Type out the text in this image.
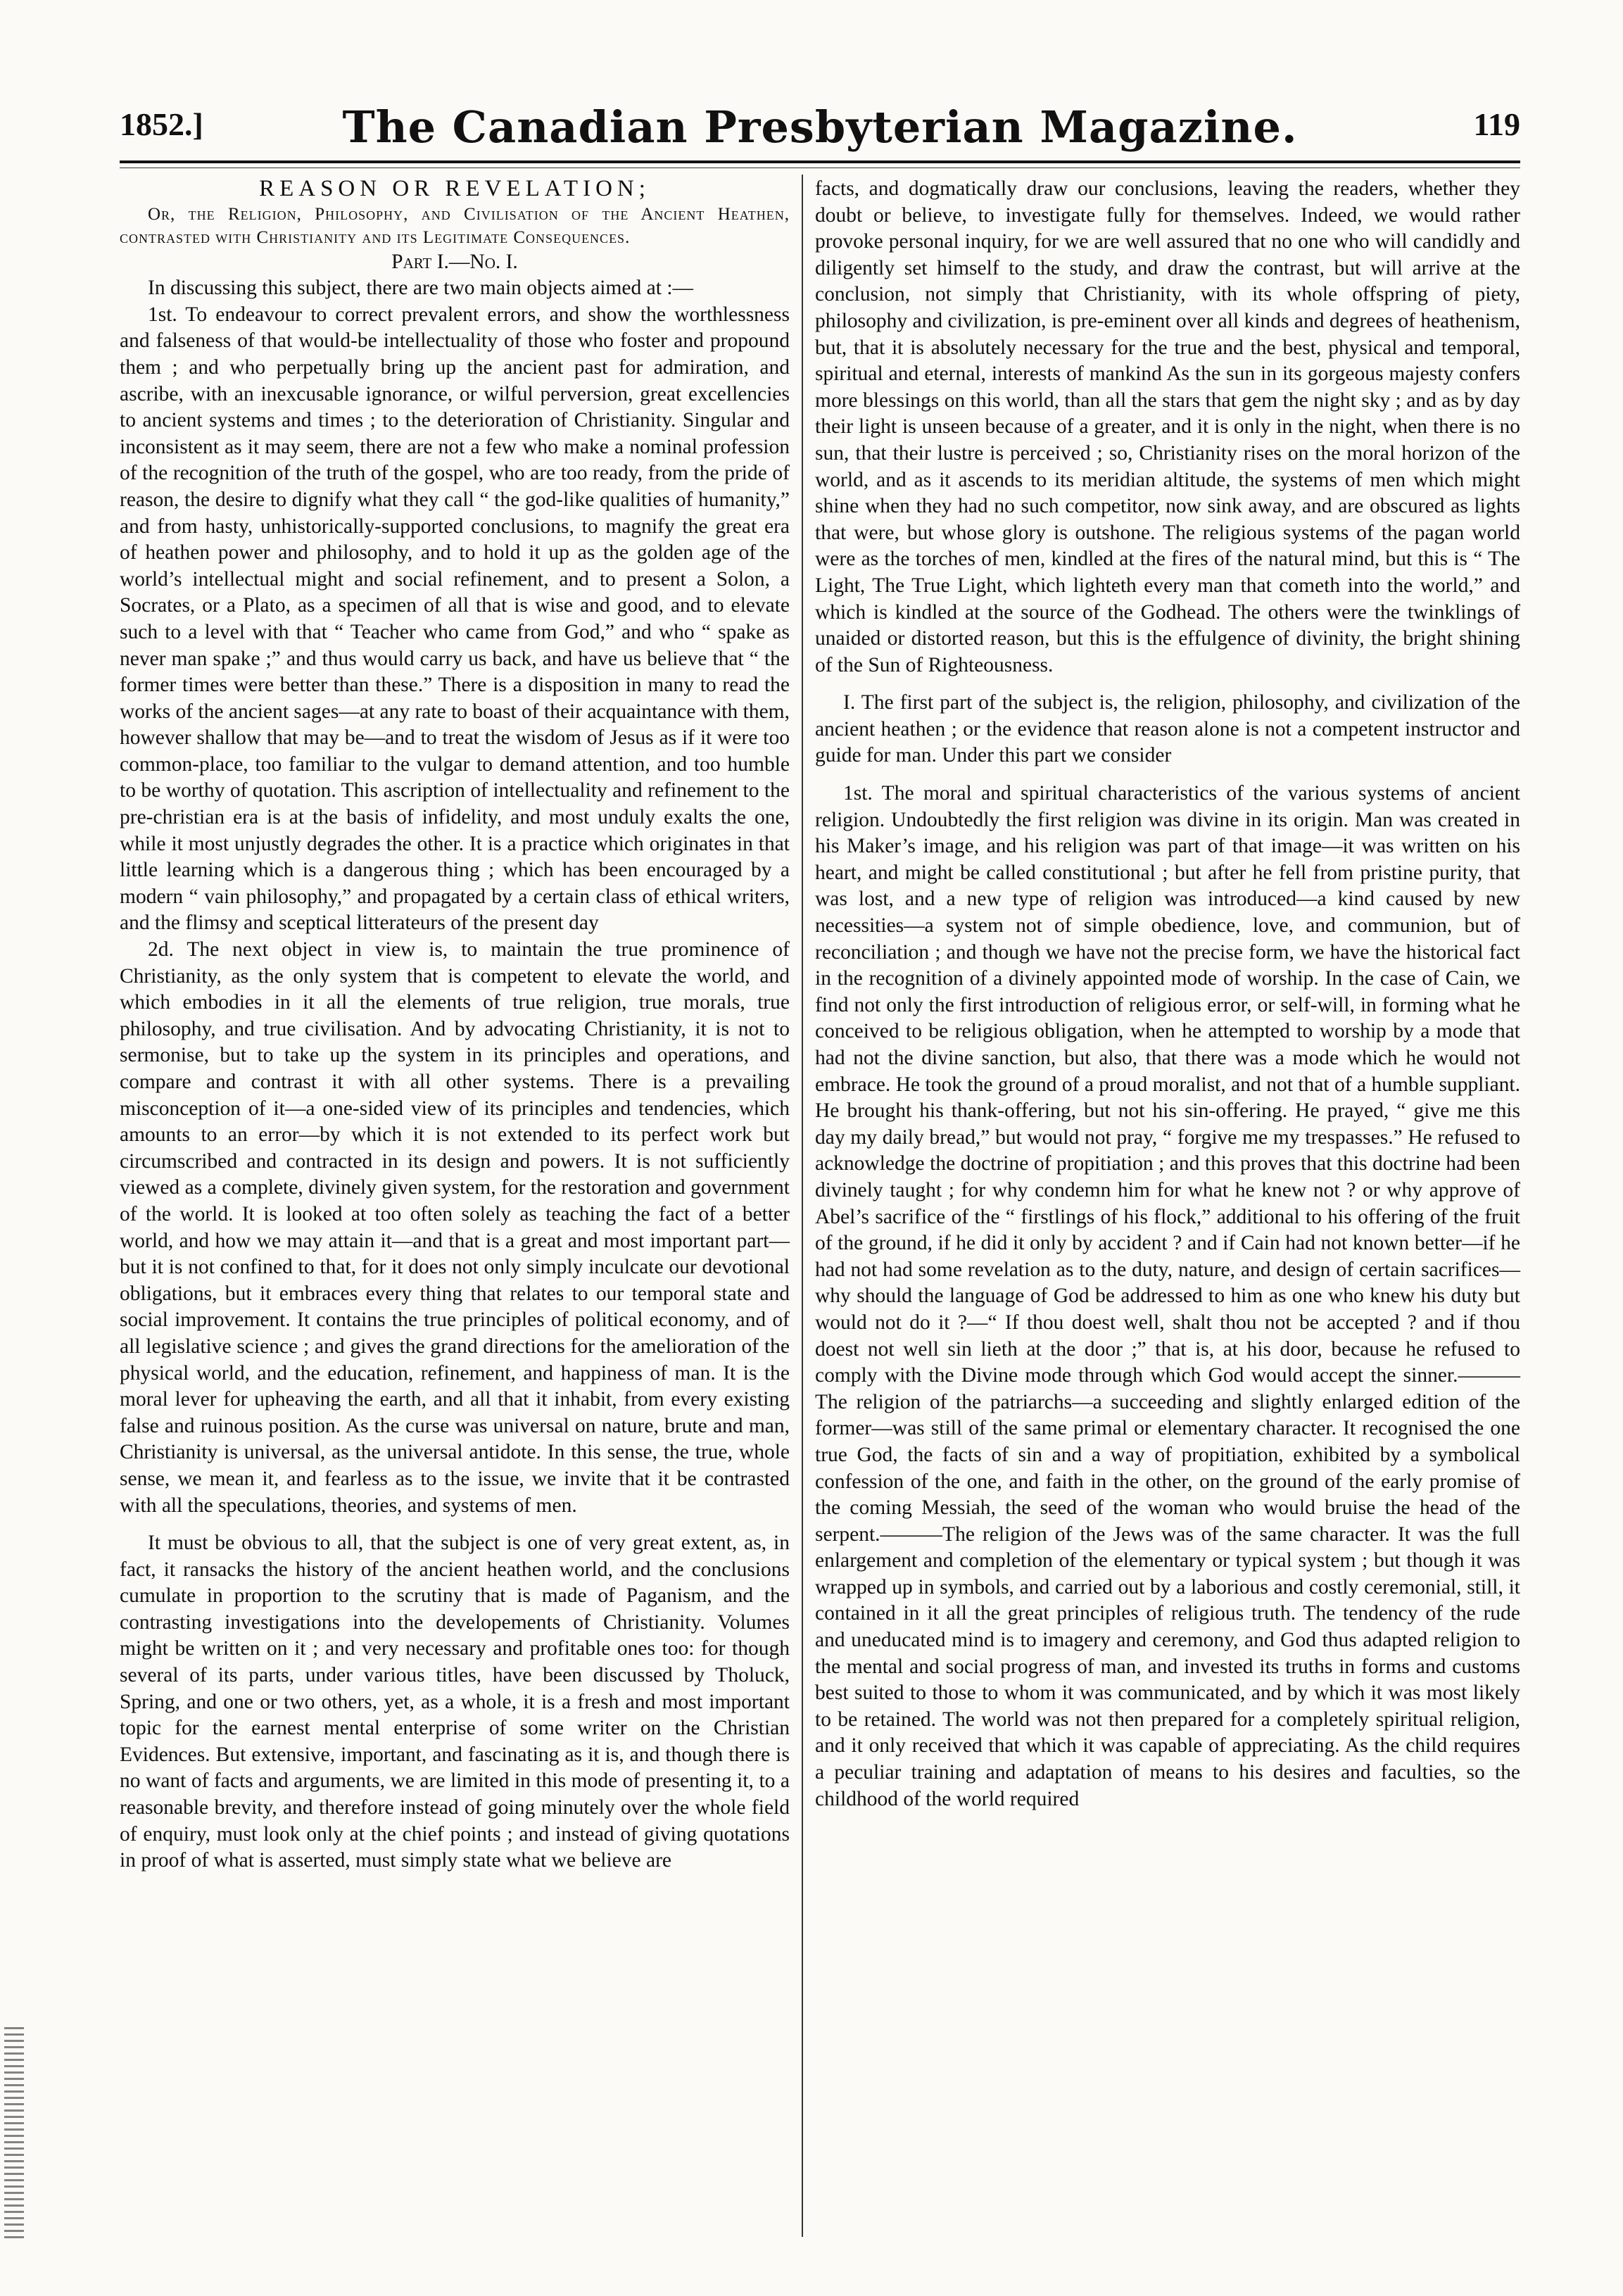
1852.]	The Canadian Presbyterian Magazine.	119

REASON OR REVELATION;

Or, the Religion, Philosophy, and Civilisation of the Ancient Heathen, contrasted with Christianity and its Legitimate Consequences.

Part I.—No. I.

In discussing this subject, there are two main objects aimed at :—

1st. To endeavour to correct prevalent errors, and show the worthlessness and falseness of that would-be intellectuality of those who foster and propound them ; and who perpetually bring up the ancient past for admiration, and ascribe, with an inexcusable ignorance, or wilful perversion, great excellencies to ancient systems and times ; to the deterioration of Christianity. Singular and inconsistent as it may seem, there are not a few who make a nominal profession of the recognition of the truth of the gospel, who are too ready, from the pride of reason, the desire to dignify what they call “ the god-like qualities of humanity,” and from hasty, unhistorically-supported conclusions, to magnify the great era of heathen power and philosophy, and to hold it up as the golden age of the world’s intellectual might and social refinement, and to present a Solon, a Socrates, or a Plato, as a specimen of all that is wise and good, and to elevate such to a level with that “ Teacher who came from God,” and who “ spake as never man spake ;” and thus would carry us back, and have us believe that “ the former times were better than these.” There is a disposition in many to read the works of the ancient sages—at any rate to boast of their acquaintance with them, however shallow that may be—and to treat the wisdom of Jesus as if it were too common-place, too familiar to the vulgar to demand attention, and too humble to be worthy of quotation. This ascription of intellectuality and refinement to the pre-christian era is at the basis of infidelity, and most unduly exalts the one, while it most unjustly degrades the other. It is a practice which originates in that little learning which is a dangerous thing ; which has been encouraged by a modern “ vain philosophy,” and propagated by a certain class of ethical writers, and the flimsy and sceptical litterateurs of the present day

2d. The next object in view is, to maintain the true prominence of Christianity, as the only system that is competent to elevate the world, and which embodies in it all the elements of true religion, true morals, true philosophy, and true civilisation. And by advocating Christianity, it is not to sermonise, but to take up the system in its principles and operations, and compare and contrast it with all other systems. There is a prevailing misconception of it—a one-sided view of its principles and tendencies, which amounts to an error—by which it is not extended to its perfect work but circumscribed and contracted in its design and powers. It is not sufficiently viewed as a complete, divinely given system, for the restoration and government of the world. It is looked at too often solely as teaching the fact of a better world, and how we may attain it—and that is a great and most important part—but it is not confined to that, for it does not only simply inculcate our devotional obligations, but it embraces every thing that relates to our temporal state and social improvement. It contains the true principles of political economy, and of all legislative science ; and gives the grand directions for the amelioration of the physical world, and the education, refinement, and happiness of man. It is the moral lever for upheaving the earth, and all that it inhabit, from every existing false and ruinous position. As the curse was universal on nature, brute and man, Christianity is universal, as the universal antidote. In this sense, the true, whole sense, we mean it, and fearless as to the issue, we invite that it be contrasted with all the speculations, theories, and systems of men.

It must be obvious to all, that the subject is one of very great extent, as, in fact, it ransacks the history of the ancient heathen world, and the conclusions cumulate in proportion to the scrutiny that is made of Paganism, and the contrasting investigations into the developements of Christianity. Volumes might be written on it ; and very necessary and profitable ones too: for though several of its parts, under various titles, have been discussed by Tholuck, Spring, and one or two others, yet, as a whole, it is a fresh and most important topic for the earnest mental enterprise of some writer on the Christian Evidences. But extensive, important, and fascinating as it is, and though there is no want of facts and arguments, we are limited in this mode of presenting it, to a reasonable brevity, and therefore instead of going minutely over the whole field of enquiry, must look only at the chief points ; and instead of giving quotations in proof of what is asserted, must simply state what we believe are

facts, and dogmatically draw our conclusions, leaving the readers, whether they doubt or believe, to investigate fully for themselves. Indeed, we would rather provoke personal inquiry, for we are well assured that no one who will candidly and diligently set himself to the study, and draw the contrast, but will arrive at the conclusion, not simply that Christianity, with its whole offspring of piety, philosophy and civilization, is pre-eminent over all kinds and degrees of heathenism, but, that it is absolutely necessary for the true and the best, physical and temporal, spiritual and eternal, interests of mankind As the sun in its gorgeous majesty confers more blessings on this world, than all the stars that gem the night sky ; and as by day their light is unseen because of a greater, and it is only in the night, when there is no sun, that their lustre is perceived ; so, Christianity rises on the moral horizon of the world, and as it ascends to its meridian altitude, the systems of men which might shine when they had no such competitor, now sink away, and are obscured as lights that were, but whose glory is outshone. The religious systems of the pagan world were as the torches of men, kindled at the fires of the natural mind, but this is “ The Light, The True Light, which lighteth every man that cometh into the world,” and which is kindled at the source of the Godhead. The others were the twinklings of unaided or distorted reason, but this is the effulgence of divinity, the bright shining of the Sun of Righteousness.

I. The first part of the subject is, the religion, philosophy, and civilization of the ancient heathen ; or the evidence that reason alone is not a competent instructor and guide for man. Under this part we consider

1st. The moral and spiritual characteristics of the various systems of ancient religion. Undoubtedly the first religion was divine in its origin. Man was created in his Maker’s image, and his religion was part of that image—it was written on his heart, and might be called constitutional ; but after he fell from pristine purity, that was lost, and a new type of religion was introduced—a kind caused by new necessities—a system not of simple obedience, love, and communion, but of reconciliation ; and though we have not the precise form, we have the historical fact in the recognition of a divinely appointed mode of worship. In the case of Cain, we find not only the first introduction of religious error, or self-will, in forming what he conceived to be religious obligation, when he attempted to worship by a mode that had not the divine sanction, but also, that there was a mode which he would not embrace. He took the ground of a proud moralist, and not that of a humble suppliant. He brought his thank-offering, but not his sin-offering. He prayed, “ give me this day my daily bread,” but would not pray, “ forgive me my trespasses.” He refused to acknowledge the doctrine of propitiation ; and this proves that this doctrine had been divinely taught ; for why condemn him for what he knew not ? or why approve of Abel’s sacrifice of the “ firstlings of his flock,” additional to his offering of the fruit of the ground, if he did it only by accident ? and if Cain had not known better—if he had not had some revelation as to the duty, nature, and design of certain sacrifices—why should the language of God be addressed to him as one who knew his duty but would not do it ?—“ If thou doest well, shalt thou not be accepted ? and if thou doest not well sin lieth at the door ;” that is, at his door, because he refused to comply with the Divine mode through which God would accept the sinner.———The religion of the patriarchs—a succeeding and slightly enlarged edition of the former—was still of the same primal or elementary character. It recognised the one true God, the facts of sin and a way of propitiation, exhibited by a symbolical confession of the one, and faith in the other, on the ground of the early promise of the coming Messiah, the seed of the woman who would bruise the head of the serpent.———The religion of the Jews was of the same character. It was the full enlargement and completion of the elementary or typical system ; but though it was wrapped up in symbols, and carried out by a laborious and costly ceremonial, still, it contained in it all the great principles of religious truth. The tendency of the rude and uneducated mind is to imagery and ceremony, and God thus adapted religion to the mental and social progress of man, and invested its truths in forms and customs best suited to those to whom it was communicated, and by which it was most likely to be retained. The world was not then prepared for a completely spiritual religion, and it only received that which it was capable of appreciating. As the child requires a peculiar training and adaptation of means to his desires and faculties, so the childhood of the world required
